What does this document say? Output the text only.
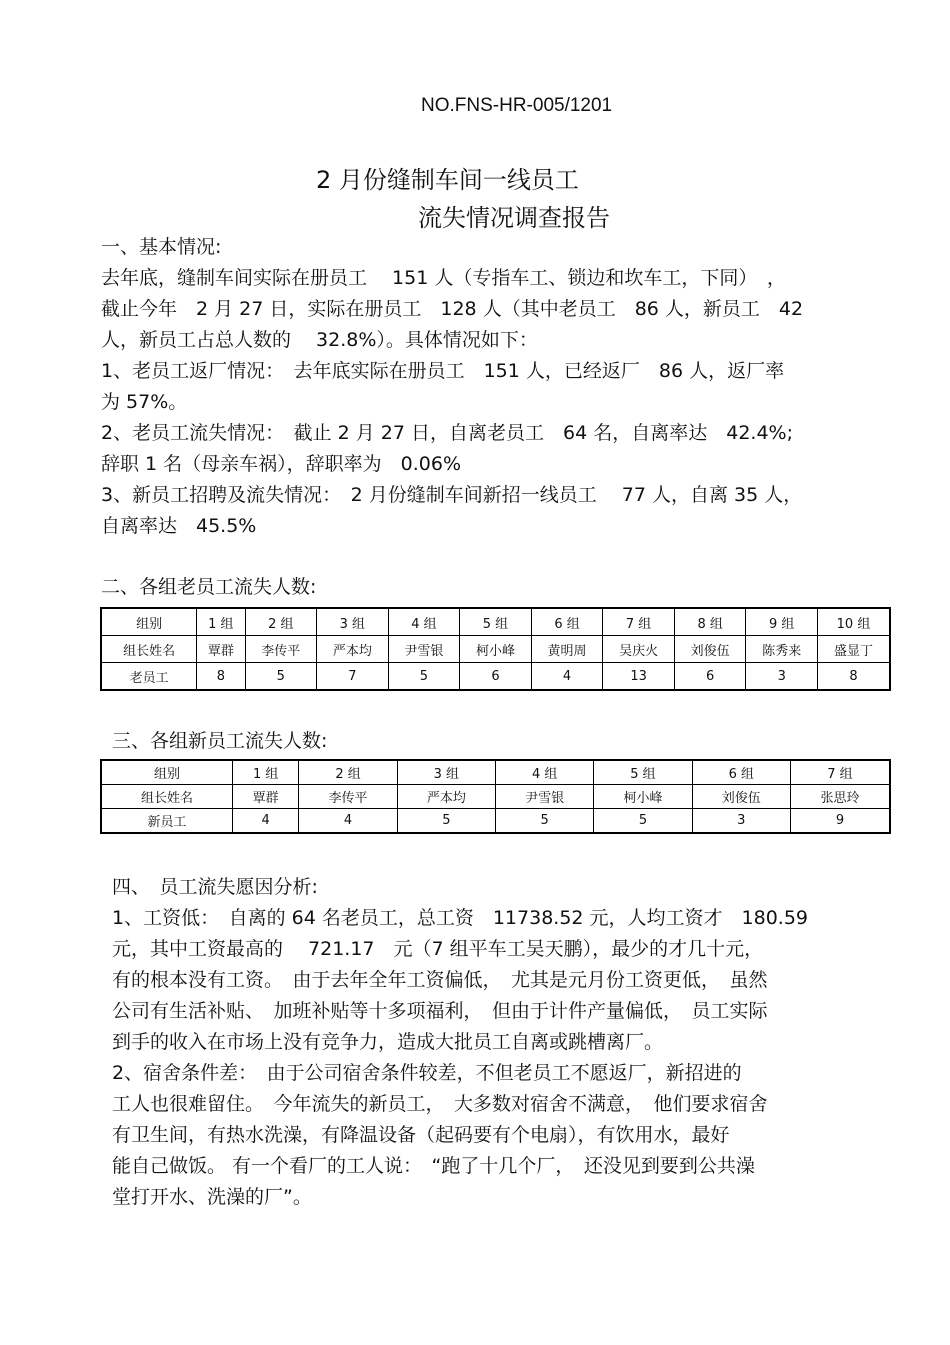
NO.FNS-HR-005/1201
2 月份缝制车间一线员工
流失情况调查报告
一、基本情况:
去年底，缝制车间实际在册员工　 151 人（专指车工、锁边和坎车工，下同）　，
截止今年　2 月 27 日，实际在册员工　128 人（其中老员工　86 人，新员工　42
人，新员工占总人数的　 32.8%）。具体情况如下：
1、老员工返厂情况：　去年底实际在册员工　151 人，已经返厂　86 人，返厂率
为 57%。
2、老员工流失情况：　截止 2 月 27 日，自离老员工　64 名，自离率达　42.4%;
辞职 1 名（母亲车祸），辞职率为　0.06%
3、新员工招聘及流失情况：　2 月份缝制车间新招一线员工　 77 人，自离 35 人，
自离率达　45.5%
二、各组老员工流失人数:
组别	1 组	2 组	3 组	4 组	5 组	6 组	7 组	8 组	9 组	10 组
组长姓名	覃群	李传平	严本均	尹雪银	柯小峰	黄明周	吴庆火	刘俊伍	陈秀来	盛显丁
老员工	8	5	7	5	6	4	13	6	3	8
三、各组新员工流失人数:
组别	1 组	2 组	3 组	4 组	5 组	6 组	7 组
组长姓名	覃群	李传平	严本均	尹雪银	柯小峰	刘俊伍	张思玲
新员工	4	4	5	5	5	3	9
四、　员工流失愿因分析:
1、工资低：　自离的 64 名老员工，总工资　11738.52 元，人均工资才　180.59
元，其中工资最高的　 721.17　元（7 组平车工吴天鹏），最少的才几十元，
有的根本没有工资。　由于去年全年工资偏低，　尤其是元月份工资更低，　虽然
公司有生活补贴、　加班补贴等十多项福利，　但由于计件产量偏低，　员工实际
到手的收入在市场上没有竞争力，造成大批员工自离或跳槽离厂。
2、宿舍条件差：　由于公司宿舍条件较差，不但老员工不愿返厂，新招进的
工人也很难留住。　今年流失的新员工，　大多数对宿舍不满意，　他们要求宿舍
有卫生间，有热水洗澡，有降温设备（起码要有个电扇），有饮用水，最好
能自己做饭。 有一个看厂的工人说：　“跑了十几个厂，　还没见到要到公共澡
堂打开水、洗澡的厂”。
